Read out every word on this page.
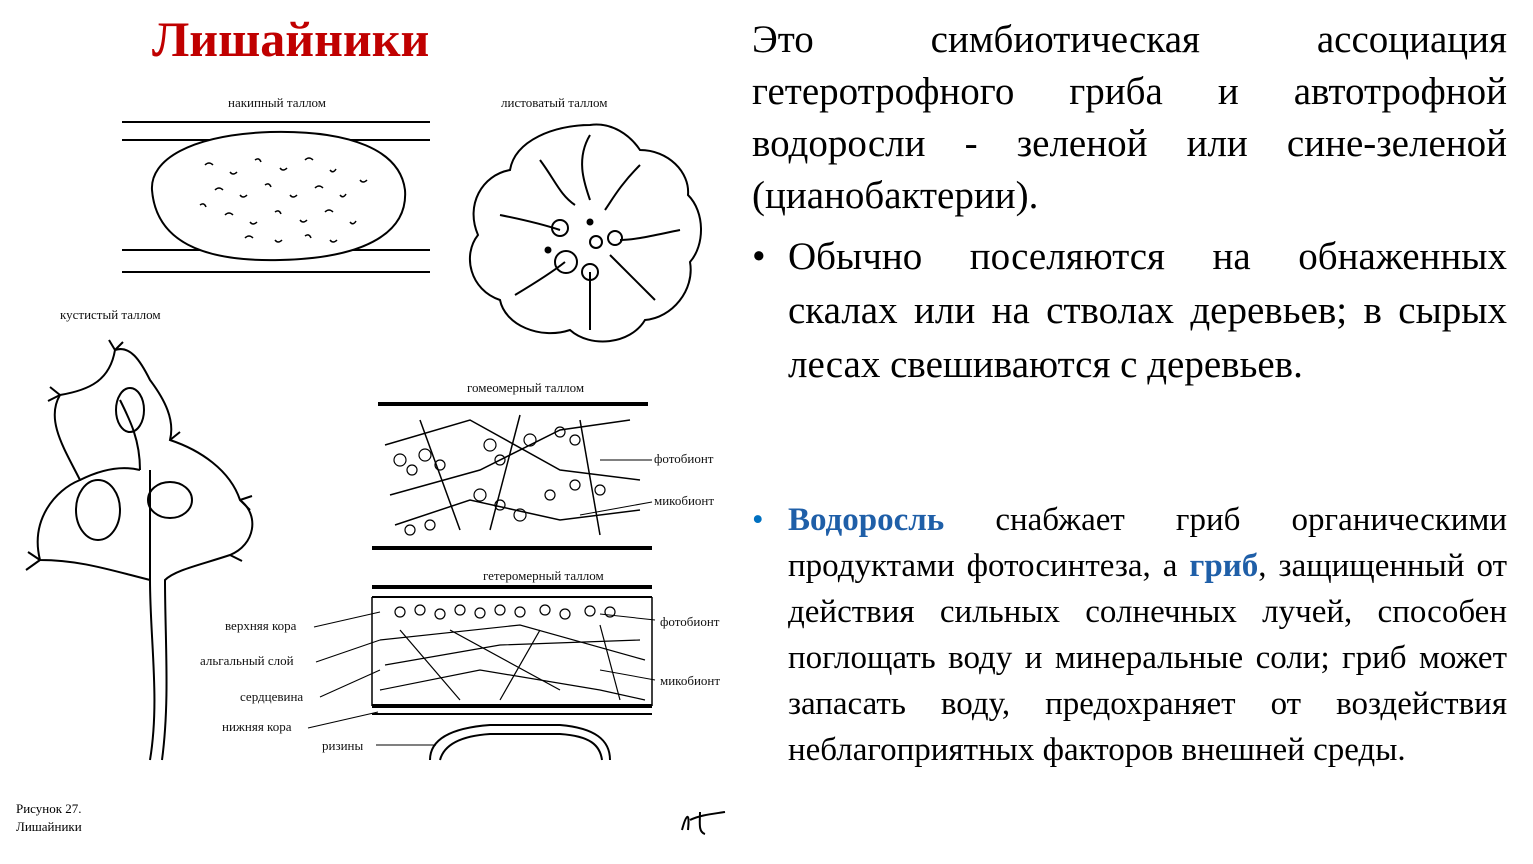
Лишайники
накипный таллом	листоватый таллом
кустистый таллом
гомеомерный таллом
гетеромерный таллом
фотобионт
микобионт
фотобионт
микобионт
верхняя кора
альгальный слой
сердцевина
нижняя кора
ризины
Рисунок 27.
Лишайники
Это симбиотическая ассоциация гетеротрофного гриба и автотрофной водоросли - зеленой или сине-зеленой (цианобактерии).
• Обычно поселяются на обнаженных скалах или на стволах деревьев; в сырых лесах свешиваются с деревьев.
• Водоросль снабжает гриб органическими продуктами фотосинтеза, а гриб, защищенный от действия сильных солнечных лучей, способен поглощать воду и минеральные соли; гриб может запасать воду, предохраняет от воздействия неблагоприятных факторов внешней среды.
